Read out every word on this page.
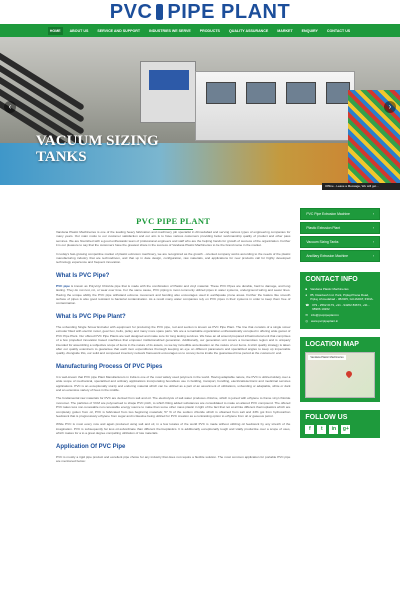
PVC PIPE PLANT
HOME	ABOUT US	SERVICE AND SUPPORT	INDUSTRIES WE SERVE	PRODUCTS	QUALITY ASSURANCE	MARKET	ENQUIRY	CONTACT US
VACUUM SIZING
TANKS
‹	›
Offline - Leave a Message, We will get...
PVC PIPE PLANT

Vandana Plastic Machineries is one of the leading heavy fabrication and machinery job specialist in Ahmedabad and serving various types of engineering companies for many years. Our main motto to our customer satisfaction and our aim is to have various customers providing better workmanship quality of product and other pass services. We are flourished with a good enthusiastic team of professional engineers and staff who are the helping hands for growth of success of the organization. Further it is our pleasure to say that the customers have the greatest share in the success of Vandana Plastic Machineries to be the brand name in the market.

In today's fast-growing competitive market of plastic extrusion machinery, we are recognized as the growth - oriented company works according to the needs of the plastic manufacturing industry that are technodriven, and that up in date design, configuration, raw materials, and applications for new products call for highly developed technology experience and frequent innovation.

What Is PVC Pipe?

PVC pipe is known as Polyvinyl Chloride pipe that is made with the combination of Plastic and vinyl material. These PVC Pipes are durable, hard to damage, and long lasting. They do not rust, rot, or wear over time. For the same cause, PVC piping is most commonly utilized pipes in water systems, underground wiring and sewer lines. Having the unique ability the PVC pipe withstand extreme movement and bending also encourages used in earthquake prone areas. Further the feature like smooth surface of pipes is also good resistant to bacterial contamination. As a result many water companies rely on PVC pipes in their systems in order to keep them free of contamination.

What Is PVC Pipe Plant?

The unbending Single Screw Extruder with equipment for producing the PVC pipe, rod and section is known as PVC Pipe Plant. The line that consists of a single screw extruder fitted with electric motor, gear box, belts, pulley and many more spare parts. We are a remarkable organization enthusiastically occupied in offering wide gamut of PVC Pipe Plant. Our offered PVC Pipe Plants are well designed and make sure for long lasting services. We have an all around prepared infrastructural unit that comprises of a few propelled innovation based machines that empower institutionalized generation. Additionally, our generation unit covers a tremendous region and is uniquely intended for assembling a subjective scope of items in the nature of its assets, so we lay incredible accentuation on the nature of our items. A strict quality strategy is taken after our quality examiners to guarantee that each item expenditures thorough keeping an eye on different parameters and specialized angles to keep up impeccable quality. Alongside this, our solid and composed inventory network framework encourages us to convey items inside the guaranteed time period at the customers' end.

Manufacturing Process Of PVC Pipes

It is well-known that PVC pipe Plant Manufacturers in India is one of the most widely used polymers in the world. Having adaptable nature, the PVC is utilized widely over a wide scope of mechanical, specialized and ordinary applications incorporating boundless use in building, transport, bundling, electrical/electronic and medicinal services applications. PVC is an exceptionally sturdy and enduring material which can be utilized as a part of an assortment of utilizations, unbending or adaptable, white or dark and an extensive variety of hues in the middle.

The fundamental raw materials for PVC are derived from salt and oil. The electrolysis of salt water produces chlorine, which is joined with ethylene to frame vinyl chloride monomer. The particles of VCM are polymerised to shape PVC pitch, to which fitting added substances are consolidated to make an altered PVC compound. The offered PVC takes less non-renewable non-renewable energy source to make than some other mass plastic in light of the fact that not at all like different thermoplastics which are completely gotten from oil, PVC is fabricated from two beginning materials; 57 % of the sodium chloride which is obtained from salt and 43% got from hydrocarbon feedstock that is progressively ethylene from sugar and is likewise being utilized for PVC creation as a contrasting option to ethylene from oil or gaseous petrol.

While PVC is most every now and again produced using salt and oil, in a few locales of the world PVC is made without utilizing oil feedstock by any stretch of the imagination. PVC is subsequently far less oil-subordinate than different thermoplastics. It is additionally exceptionally tough and vitally productive over a scope of uses, which makes for a to a great degree compelling utilization of raw materials.

Application Of PVC Pipe

PVC is mostly a rigid pipe product and excellent pipe choice for any industry that does not require a flexible solution. The most common application for portable PVC pipe are mentioned below:

PVC Pipe Extrusion Machine	›
Plastic Extrusion Plant	›
Vacuum Sizing Tanks	›
Ancillary Extrusion Machine	›
CONTACT INFO
■ Vandana Plastic Machineries
● 85, Dwarkesh Ind. Park, Piplaj-Pirana Road, Piplaj, Ahmedabad - 382405, GUJARAT, INDIA.
☎ 079 - 2562 0179, +91 - 94262 83673, +91 - 98986 10262
✉ info@pvcpipeplant.in
◎ www.pvcpipeplant.in
LOCATION MAP
Vandana Plastic Machineries
FOLLOW US
f	t	in	g+
